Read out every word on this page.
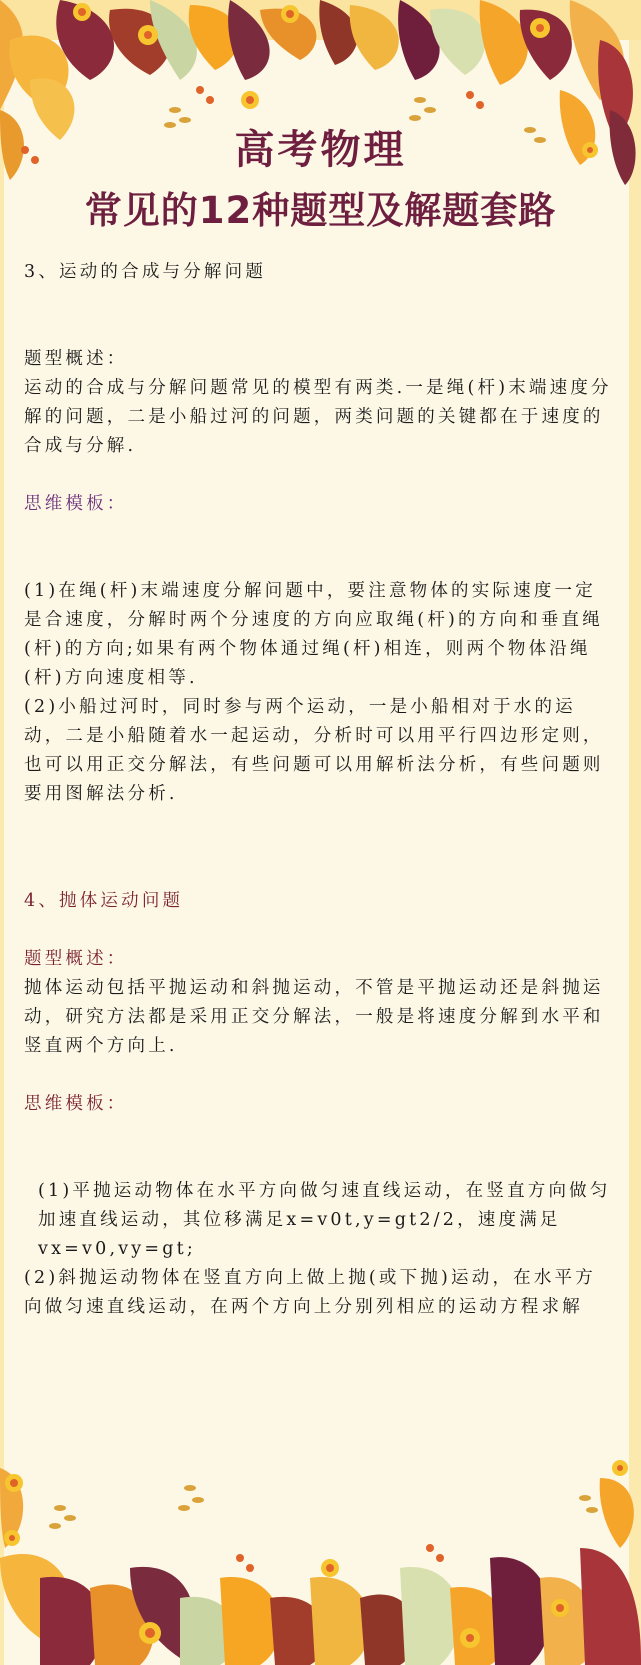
高考物理
常见的12种题型及解题套路

3、运动的合成与分解问题

题型概述：

运动的合成与分解问题常见的模型有两类.一是绳(杆)末端速度分解的问题，二是小船过河的问题，两类问题的关键都在于速度的合成与分解.

思维模板：

(1)在绳(杆)末端速度分解问题中，要注意物体的实际速度一定是合速度，分解时两个分速度的方向应取绳(杆)的方向和垂直绳(杆)的方向;如果有两个物体通过绳(杆)相连，则两个物体沿绳(杆)方向速度相等.

(2)小船过河时，同时参与两个运动，一是小船相对于水的运动，二是小船随着水一起运动，分析时可以用平行四边形定则，也可以用正交分解法，有些问题可以用解析法分析，有些问题则要用图解法分析.

4、抛体运动问题

题型概述：

抛体运动包括平抛运动和斜抛运动，不管是平抛运动还是斜抛运动，研究方法都是采用正交分解法，一般是将速度分解到水平和竖直两个方向上.

思维模板：

(1)平抛运动物体在水平方向做匀速直线运动，在竖直方向做匀加速直线运动，其位移满足x=v0t,y=gt2/2，速度满足vx=v0,vy=gt;

(2)斜抛运动物体在竖直方向上做上抛(或下抛)运动，在水平方向做匀速直线运动，在两个方向上分别列相应的运动方程求解
